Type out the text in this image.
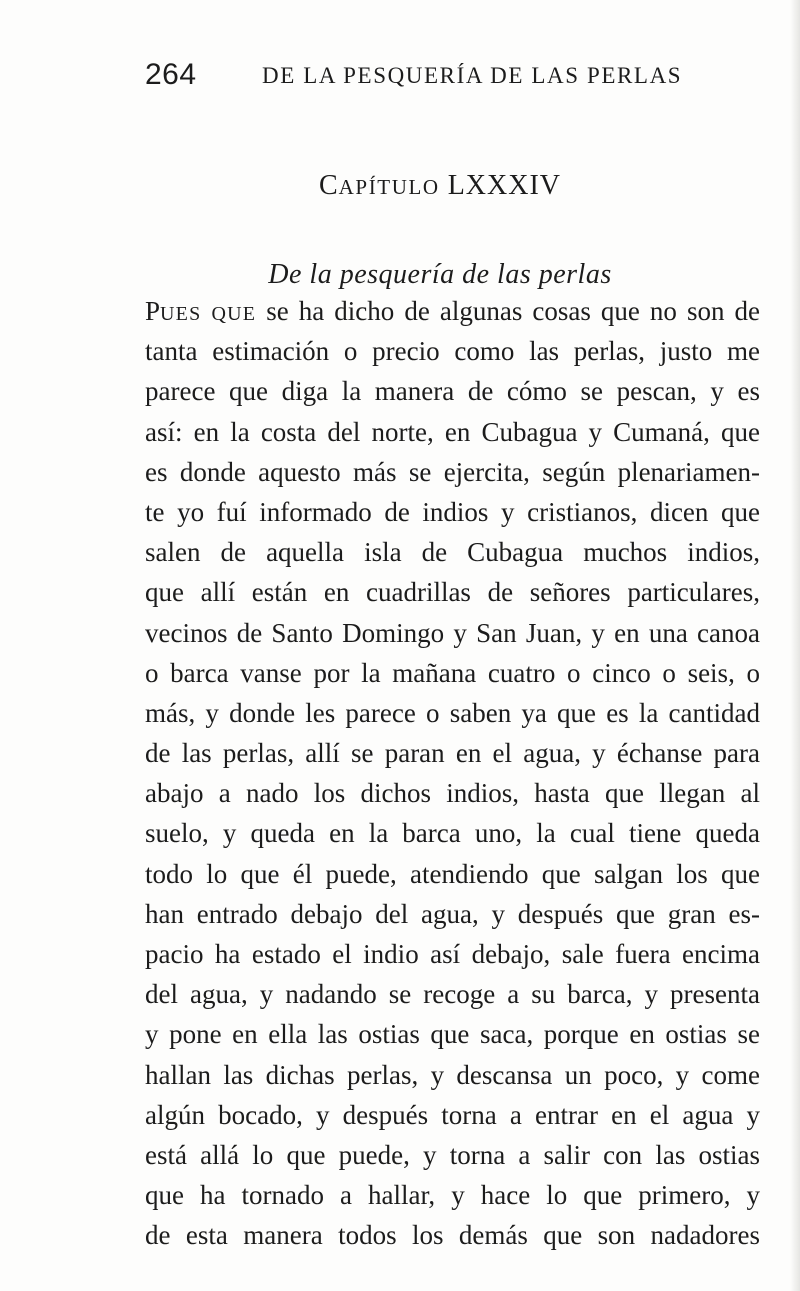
264	DE LA PESQUERÍA DE LAS PERLAS
CAPÍTULO LXXXIV
De la pesquería de las perlas
PUES QUE se ha dicho de algunas cosas que no son de
tanta estimación o precio como las perlas, justo me
parece que diga la manera de cómo se pescan, y es
así: en la costa del norte, en Cubagua y Cumaná, que
es donde aquesto más se ejercita, según plenariamen-
te yo fuí informado de indios y cristianos, dicen que
salen de aquella isla de Cubagua muchos indios,
que allí están en cuadrillas de señores particulares,
vecinos de Santo Domingo y San Juan, y en una canoa
o barca vanse por la mañana cuatro o cinco o seis, o
más, y donde les parece o saben ya que es la cantidad
de las perlas, allí se paran en el agua, y échanse para
abajo a nado los dichos indios, hasta que llegan al
suelo, y queda en la barca uno, la cual tiene queda
todo lo que él puede, atendiendo que salgan los que
han entrado debajo del agua, y después que gran es-
pacio ha estado el indio así debajo, sale fuera encima
del agua, y nadando se recoge a su barca, y presenta
y pone en ella las ostias que saca, porque en ostias se
hallan las dichas perlas, y descansa un poco, y come
algún bocado, y después torna a entrar en el agua y
está allá lo que puede, y torna a salir con las ostias
que ha tornado a hallar, y hace lo que primero, y
de esta manera todos los demás que son nadadores
